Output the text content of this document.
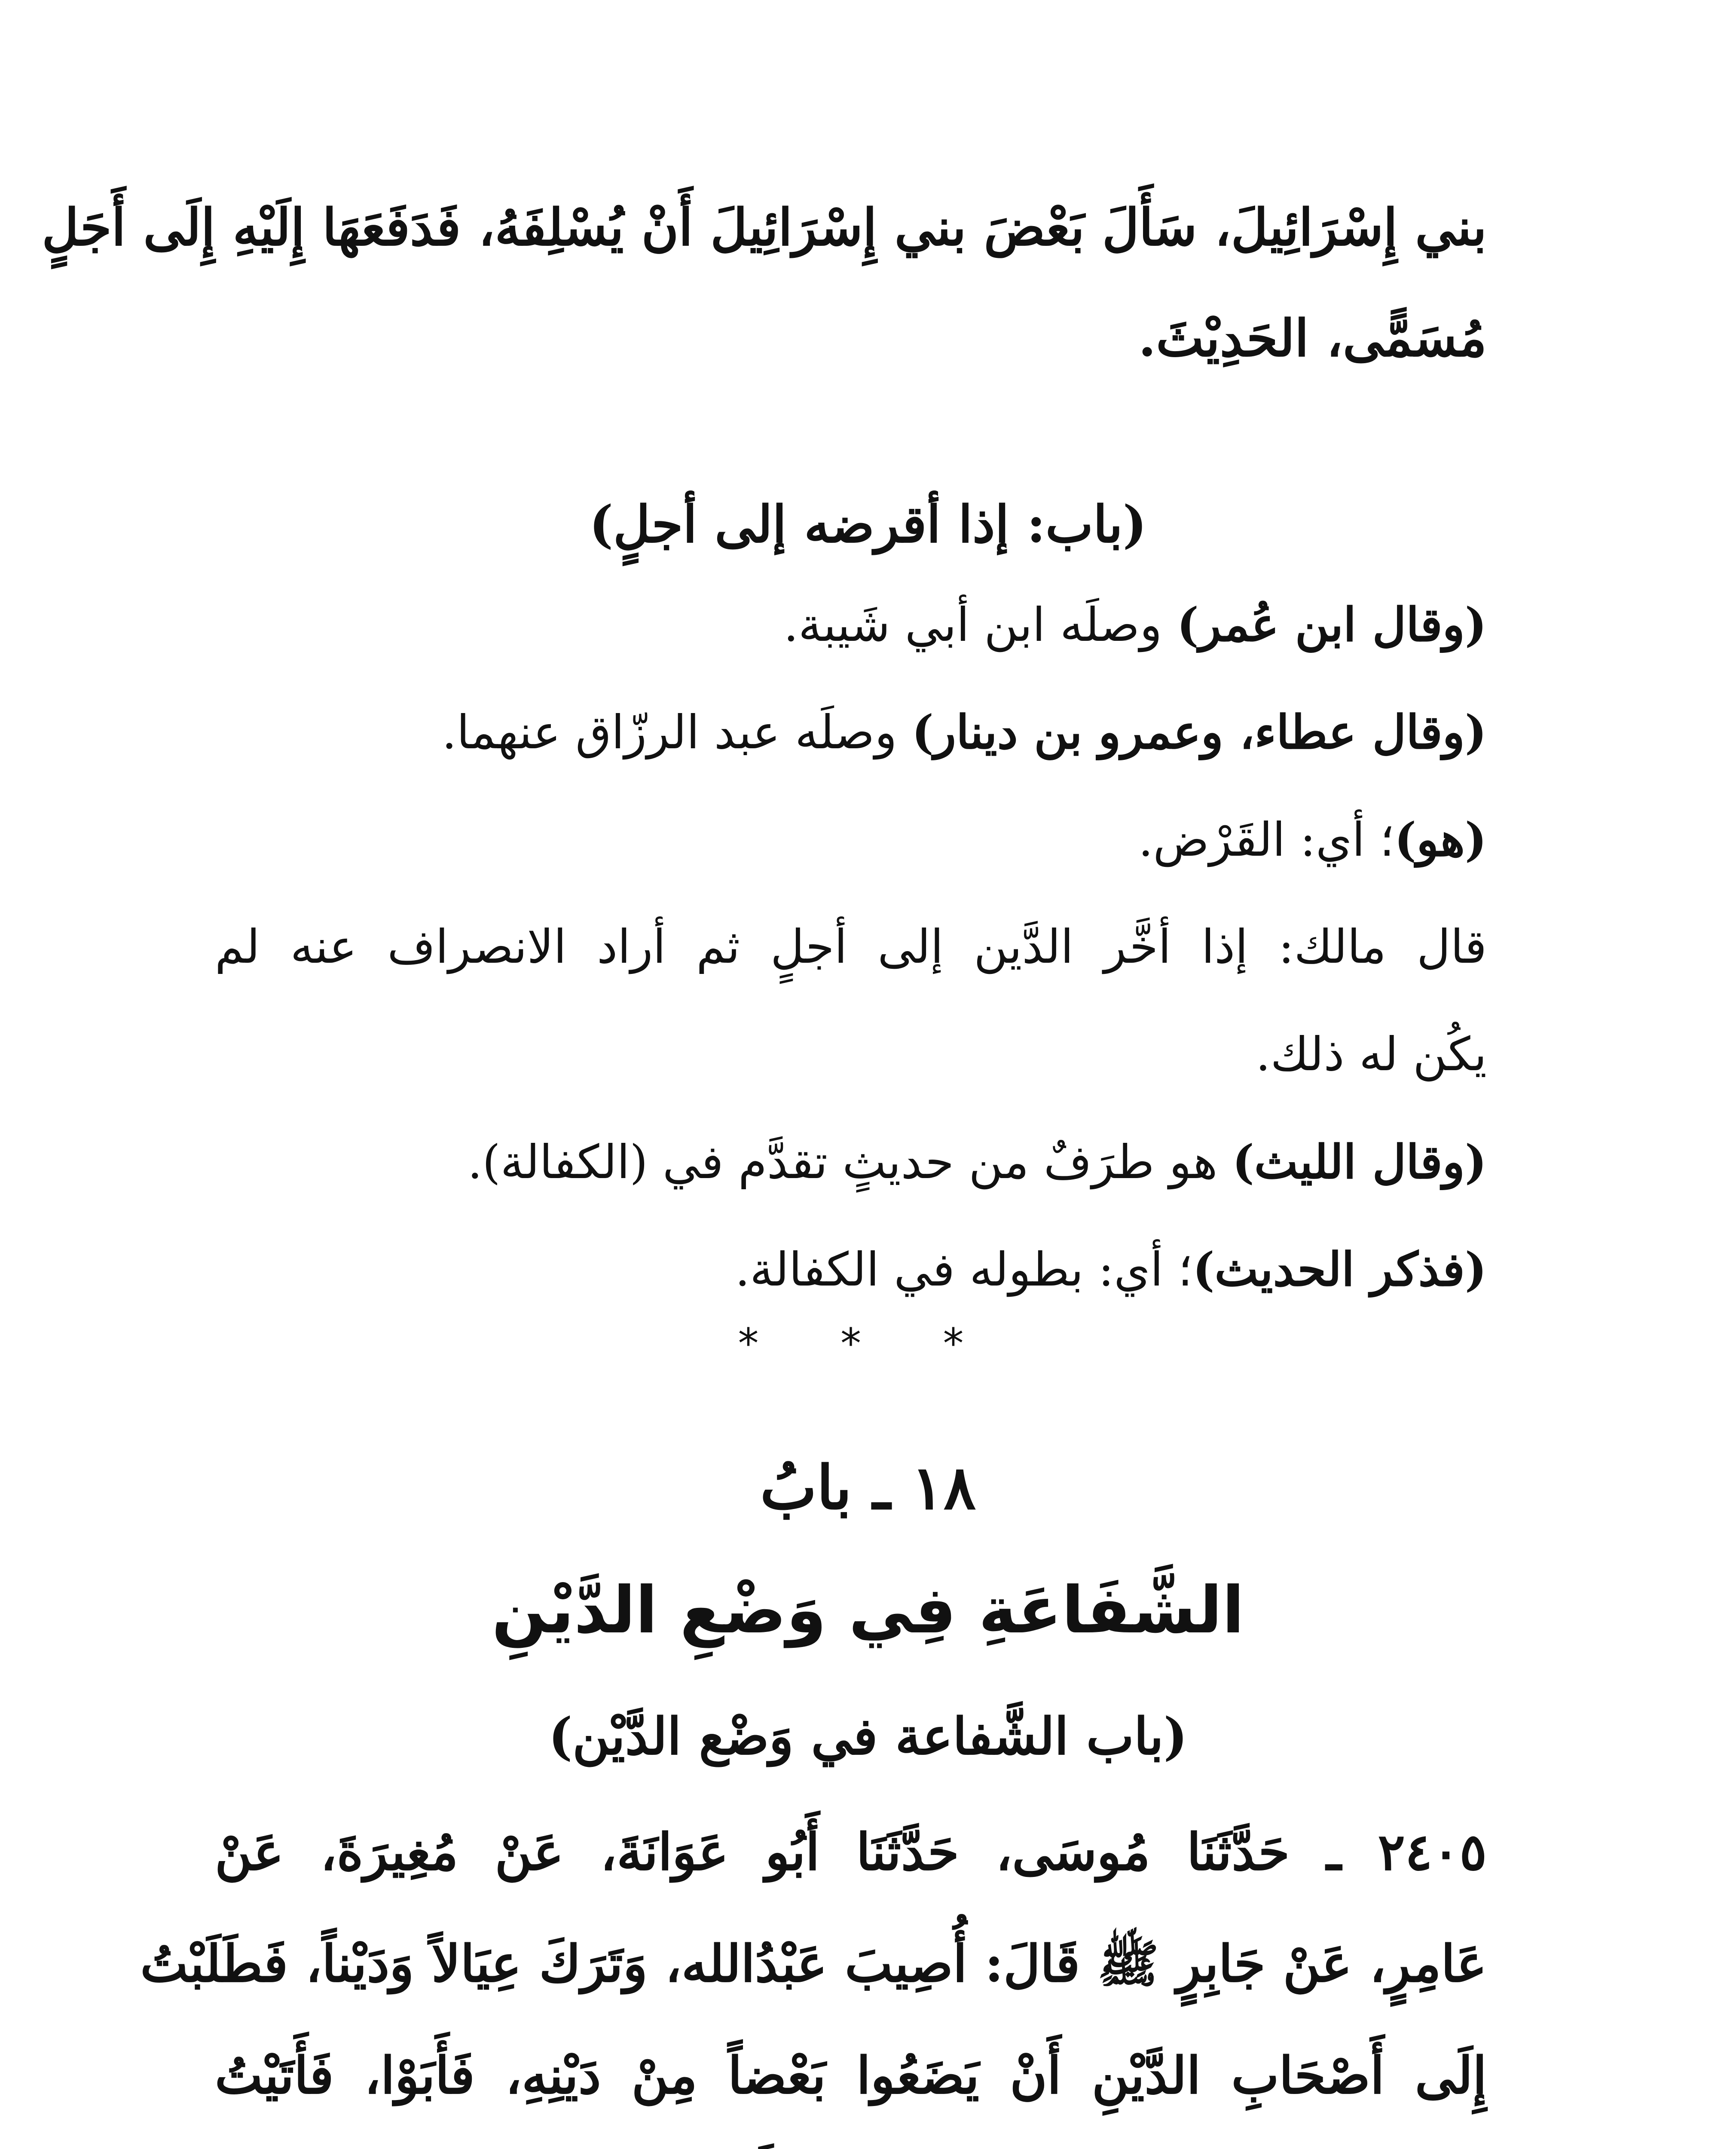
بني إِسْرَائِيلَ، سَأَلَ بَعْضَ بني إِسْرَائِيلَ أَنْ يُسْلِفَهُ، فَدَفَعَهَا إِلَيْهِ إِلَى أَجَلٍ
مُسَمًّى، الحَدِيْثَ.
(باب: إذا أقرضه إلى أجلٍ)
(وقال ابن عُمر) وصلَه ابن أبي شَيبة.
(وقال عطاء، وعمرو بن دينار) وصلَه عبد الرزّاق عنهما.
(هو)؛ أي: القَرْض.
قال مالك: إذا أخَّر الدَّين إلى أجلٍ ثم أراد الانصراف عنه لم
يكُن له ذلك.
(وقال الليث) هو طرَفٌ من حديثٍ تقدَّم في (الكفالة).
(فذكر الحديث)؛ أي: بطوله في الكفالة.
* * *
١٨ ـ بابُ
الشَّفَاعَةِ فِي وَضْعِ الدَّيْنِ
(باب الشَّفاعة في وَضْع الدَّيْن)
٢٤٠٥ ـ حَدَّثَنَا مُوسَى، حَدَّثَنَا أَبُو عَوَانَةَ، عَنْ مُغِيرَةَ، عَنْ
عَامِرٍ، عَنْ جَابِرٍ ﷺ قَالَ: أُصِيبَ عَبْدُالله، وَتَرَكَ عِيَالاً وَدَيْناً، فَطَلَبْتُ
إِلَى أَصْحَابِ الدَّيْنِ أَنْ يَضَعُوا بَعْضاً مِنْ دَيْنِهِ، فَأَبَوْا، فَأَتَيْتُ
